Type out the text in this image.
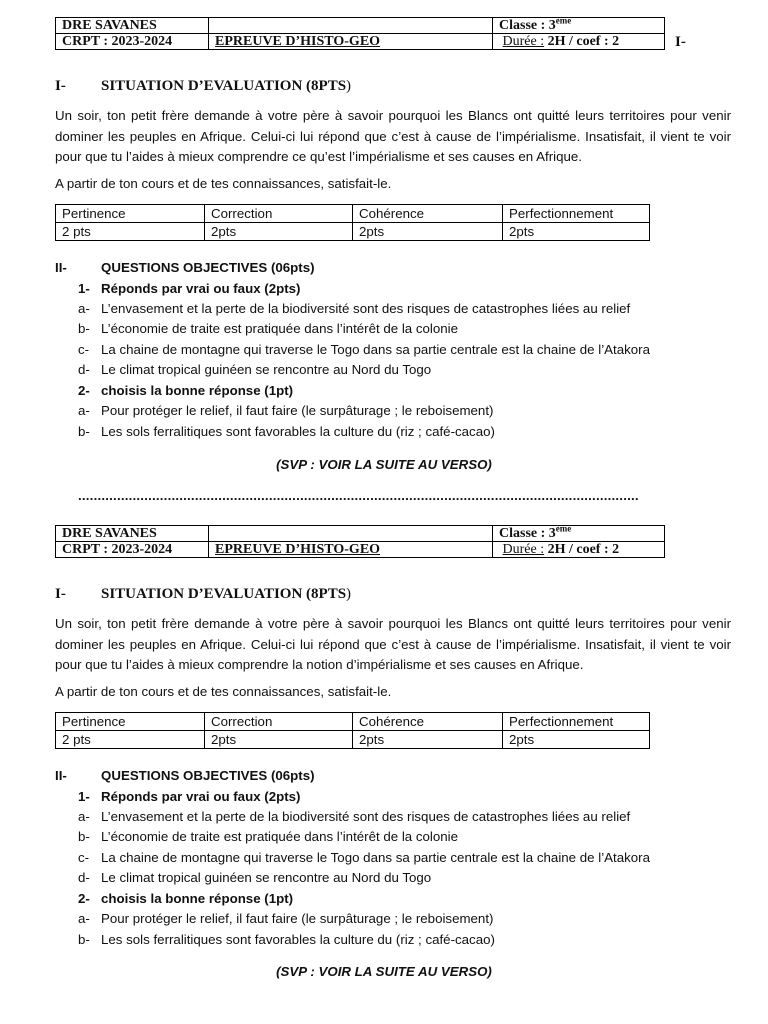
DRE SAVANES		Classe : 3ème
CRPT : 2023-2024	EPREUVE D’HISTO-GEO	Durée : 2H / coef : 2	I-
I- SITUATION D’EVALUATION (8PTS)
Un soir, ton petit frère demande à votre père à savoir pourquoi les Blancs ont quitté leurs territoires pour venir dominer les peuples en Afrique. Celui-ci lui répond que c’est à cause de l’impérialisme. Insatisfait, il vient te voir pour que tu l’aides à mieux comprendre ce qu’est l’impérialisme et ses causes en Afrique.
A partir de ton cours et de tes connaissances, satisfait-le.
Pertinence	Correction	Cohérence	Perfectionnement
2 pts	2pts	2pts	2pts
II-	QUESTIONS OBJECTIVES (06pts)
1- Réponds par vrai ou faux (2pts)
a- L’envasement et la perte de la biodiversité sont des risques de catastrophes liées au relief
b- L’économie de traite est pratiquée dans l’intérêt de la colonie
c- La chaine de montagne qui traverse le Togo dans sa partie centrale est la chaine de l’Atakora
d- Le climat tropical guinéen se rencontre au Nord du Togo
2- choisis la bonne réponse (1pt)
a- Pour protéger le relief, il faut faire (le surpâturage ; le reboisement)
b- Les sols ferralitiques sont favorables la culture du (riz ; café-cacao)
(SVP : VOIR LA SUITE AU VERSO)
................................................................................................................................................
DRE SAVANES		Classe : 3ème
CRPT : 2023-2024	EPREUVE D’HISTO-GEO	Durée : 2H / coef : 2
I- SITUATION D’EVALUATION (8PTS)
Un soir, ton petit frère demande à votre père à savoir pourquoi les Blancs ont quitté leurs territoires pour venir dominer les peuples en Afrique. Celui-ci lui répond que c’est à cause de l’impérialisme. Insatisfait, il vient te voir pour que tu l’aides à mieux comprendre la notion d’impérialisme et ses causes en Afrique.
A partir de ton cours et de tes connaissances, satisfait-le.
Pertinence	Correction	Cohérence	Perfectionnement
2 pts	2pts	2pts	2pts
II-	QUESTIONS OBJECTIVES (06pts)
1- Réponds par vrai ou faux (2pts)
a- L’envasement et la perte de la biodiversité sont des risques de catastrophes liées au relief
b- L’économie de traite est pratiquée dans l’intérêt de la colonie
c- La chaine de montagne qui traverse le Togo dans sa partie centrale est la chaine de l’Atakora
d- Le climat tropical guinéen se rencontre au Nord du Togo
2- choisis la bonne réponse (1pt)
a- Pour protéger le relief, il faut faire (le surpâturage ; le reboisement)
b- Les sols ferralitiques sont favorables la culture du (riz ; café-cacao)
(SVP : VOIR LA SUITE AU VERSO)
